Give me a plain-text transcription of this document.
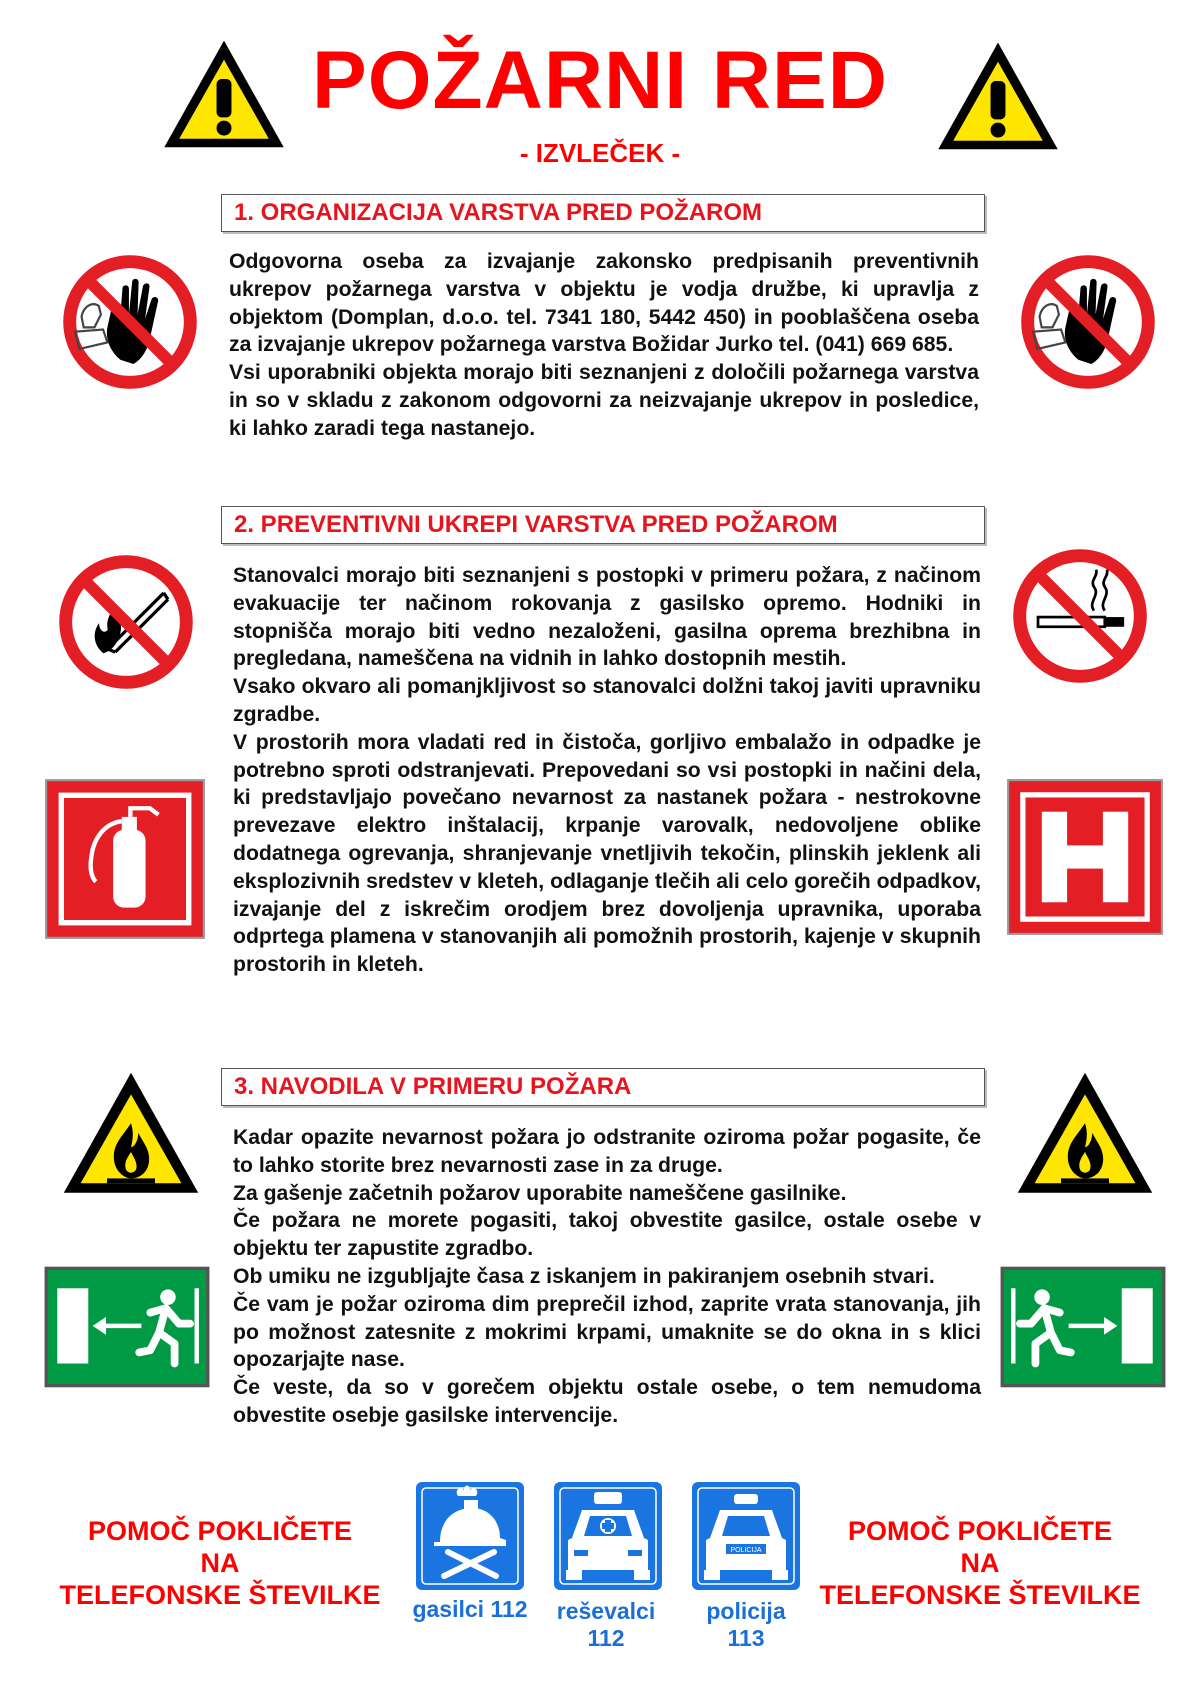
POŽARNI RED
- IZVLEČEK -
1. ORGANIZACIJA VARSTVA PRED POŽAROM

Odgovorna oseba za izvajanje zakonsko predpisanih preventivnih ukrepov požarnega varstva v objektu je vodja družbe, ki upravlja z objektom (Domplan, d.o.o. tel. 7341 180, 5442 450) in pooblaščena oseba za izvajanje ukrepov požarnega varstva Božidar Jurko tel. (041) 669 685.

Vsi uporabniki objekta morajo biti seznanjeni z določili požarnega varstva in so v skladu z zakonom odgovorni za neizvajanje ukrepov in posledice, ki lahko zaradi tega nastanejo.

2. PREVENTIVNI UKREPI VARSTVA PRED POŽAROM

Stanovalci morajo biti seznanjeni s postopki v primeru požara, z načinom evakuacije ter načinom rokovanja z gasilsko opremo. Hodniki in stopnišča morajo biti vedno nezaloženi, gasilna oprema brezhibna in pregledana, nameščena na vidnih in lahko dostopnih mestih.

Vsako okvaro ali pomanjkljivost so stanovalci dolžni takoj javiti upravniku zgradbe.

V prostorih mora vladati red in čistoča, gorljivo embalažo in odpadke je potrebno sproti odstranjevati. Prepovedani so vsi postopki in načini dela, ki predstavljajo povečano nevarnost za nastanek požara - nestrokovne prevezave elektro inštalacij, krpanje varovalk, nedovoljene oblike dodatnega ogrevanja, shranjevanje vnetljivih tekočin, plinskih jeklenk ali eksplozivnih sredstev v kleteh, odlaganje tlečih ali celo gorečih odpadkov, izvajanje del z iskrečim orodjem brez dovoljenja upravnika, uporaba odprtega plamena v stanovanjih ali pomožnih prostorih, kajenje v skupnih prostorih in kleteh.

3. NAVODILA V PRIMERU POŽARA

Kadar opazite nevarnost požara jo odstranite oziroma požar pogasite, če to lahko storite brez nevarnosti zase in za druge.

Za gašenje začetnih požarov uporabite nameščene gasilnike.

Če požara ne morete pogasiti, takoj obvestite gasilce, ostale osebe v objektu ter zapustite zgradbo.

Ob umiku ne izgubljajte časa z iskanjem in pakiranjem osebnih stvari.

Če vam je požar oziroma dim preprečil izhod, zaprite vrata stanovanja, jih po možnost zatesnite z mokrimi krpami, umaknite se do okna in s klici opozarjajte nase.

Če veste, da so v gorečem objektu ostale osebe, o tem nemudoma obvestite osebje gasilske intervencije.

POMOČ POKLIČETE
NA
TELEFONSKE ŠTEVILKE
POMOČ POKLIČETE
NA
TELEFONSKE ŠTEVILKE
gasilci 112	reševalci 112
POLICIJA
policija 113
